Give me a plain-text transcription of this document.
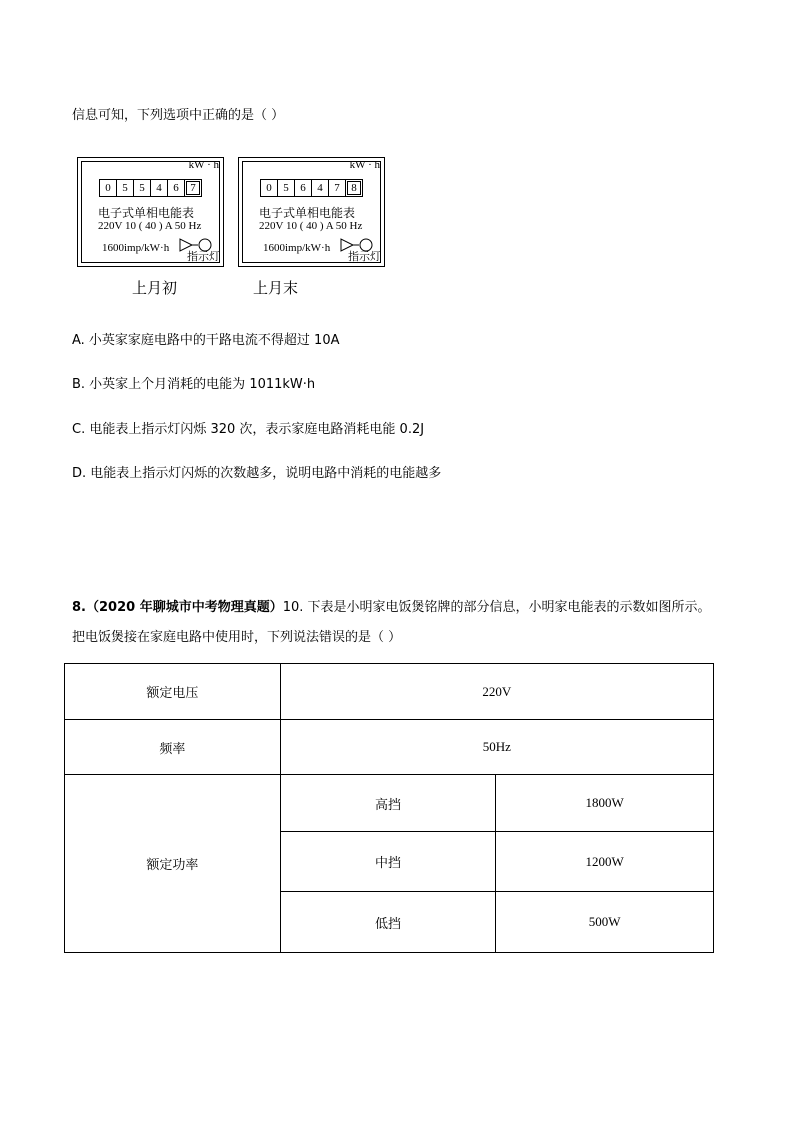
信息可知，下列选项中正确的是（ ）
kW · h
0	5	5	4	6	7
电子式单相电能表
220V 10 ( 40 ) A 50 Hz
1600imp/kW·h
指示灯
上月初
kW · h
0	5	6	4	7	8
电子式单相电能表
220V 10 ( 40 ) A 50 Hz
1600imp/kW·h
指示灯
上月末
A. 小英家家庭电路中的干路电流不得超过 10A
B. 小英家上个月消耗的电能为 1011kW·h
C. 电能表上指示灯闪烁 320 次，表示家庭电路消耗电能 0.2J
D. 电能表上指示灯闪烁的次数越多，说明电路中消耗的电能越多
8.（2020 年聊城市中考物理真题）10. 下表是小明家电饭煲铭牌的部分信息，小明家电能表的示数如图所示。
把电饭煲接在家庭电路中使用时，下列说法错误的是（ ）
额定电压	220V	
频率	50Hz	
额定功率	高挡	1800W
	中挡	1200W
	低挡	500W
